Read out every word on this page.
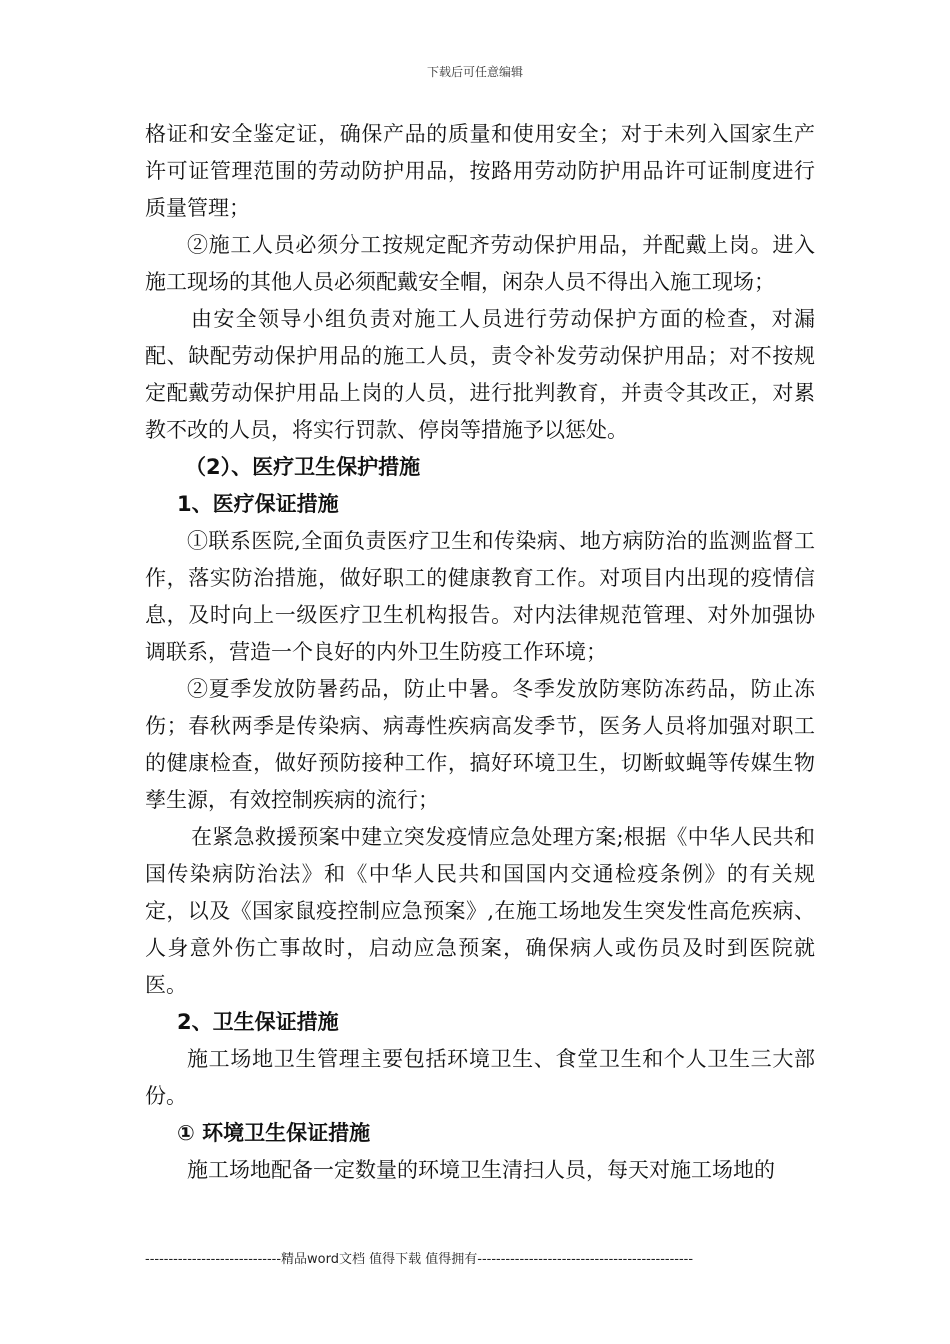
下载后可任意编辑

格证和安全鉴定证，确保产品的质量和使用安全；对于未列入国家生产许可证管理范围的劳动防护用品，按路用劳动防护用品许可证制度进行质量管理；

②施工人员必须分工按规定配齐劳动保护用品，并配戴上岗。进入施工现场的其他人员必须配戴安全帽，闲杂人员不得出入施工现场；

由安全领导小组负责对施工人员进行劳动保护方面的检查，对漏配、缺配劳动保护用品的施工人员，责令补发劳动保护用品；对不按规定配戴劳动保护用品上岗的人员，进行批判教育，并责令其改正，对累教不改的人员，将实行罚款、停岗等措施予以惩处。

（2）、医疗卫生保护措施

1、医疗保证措施

①联系医院,全面负责医疗卫生和传染病、地方病防治的监测监督工作，落实防治措施，做好职工的健康教育工作。对项目内出现的疫情信息，及时向上一级医疗卫生机构报告。对内法律规范管理、对外加强协调联系，营造一个良好的内外卫生防疫工作环境；

②夏季发放防暑药品，防止中暑。冬季发放防寒防冻药品，防止冻伤；春秋两季是传染病、病毒性疾病高发季节，医务人员将加强对职工的健康检查，做好预防接种工作，搞好环境卫生，切断蚊蝇等传媒生物孳生源，有效控制疾病的流行；

在紧急救援预案中建立突发疫情应急处理方案;根据《中华人民共和国传染病防治法》和《中华人民共和国国内交通检疫条例》的有关规定，以及《国家鼠疫控制应急预案》,在施工场地发生突发性高危疾病、人身意外伤亡事故时，启动应急预案，确保病人或伤员及时到医院就医。

2、卫生保证措施

施工场地卫生管理主要包括环境卫生、食堂卫生和个人卫生三大部份。

① 环境卫生保证措施

施工场地配备一定数量的环境卫生清扫人员，每天对施工场地的

-----------------------------精品word文档 值得下载 值得拥有----------------------------------------------
